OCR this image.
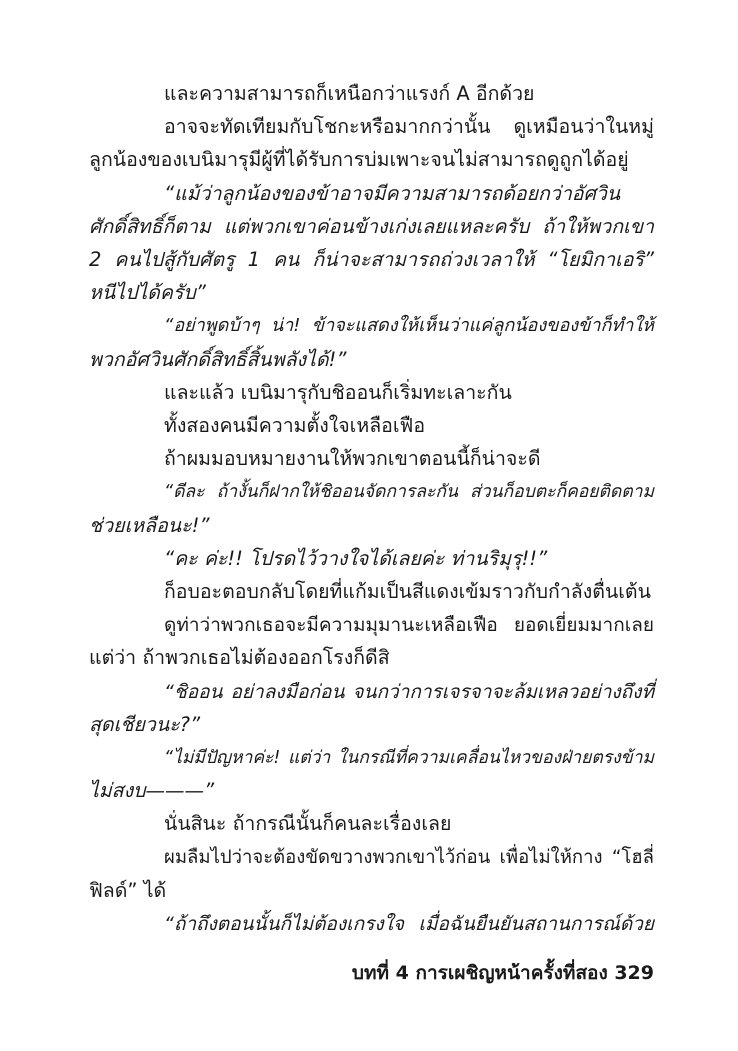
และความสามารถก็เหนือกว่าแรงก์ A อีกด้วย
อาจจะทัดเทียมกับโชกะหรือมากกว่านั้น ดูเหมือนว่าในหมู่
ลูกน้องของเบนิมารุมีผู้ที่ได้รับการบ่มเพาะจนไม่สามารถดูถูกได้อยู่
“แม้ว่าลูกน้องของข้าอาจมีความสามารถด้อยกว่าอัศวิน
ศักดิ์สิทธิ์ก็ตาม แต่พวกเขาค่อนข้างเก่งเลยแหละครับ ถ้าให้พวกเขา
2 คนไปสู้กับศัตรู 1 คน ก็น่าจะสามารถถ่วงเวลาให้ “โยมิกาเอริ”
หนีไปได้ครับ”
“อย่าพูดบ้าๆ น่า! ข้าจะแสดงให้เห็นว่าแค่ลูกน้องของข้าก็ทำให้
พวกอัศวินศักดิ์สิทธิ์สิ้นพลังได้!”
และแล้ว เบนิมารุกับชิออนก็เริ่มทะเลาะกัน
ทั้งสองคนมีความตั้งใจเหลือเฟือ
ถ้าผมมอบหมายงานให้พวกเขาตอนนี้ก็น่าจะดี
“ดีละ ถ้างั้นก็ฝากให้ชิออนจัดการละกัน ส่วนก็อบตะก็คอยติดตาม
ช่วยเหลือนะ!”
“คะ ค่ะ!! โปรดไว้วางใจได้เลยค่ะ ท่านริมุรุ!!”
ก็อบอะตอบกลับโดยที่แก้มเป็นสีแดงเข้มราวกับกำลังตื่นเต้น
ดูท่าว่าพวกเธอจะมีความมุมานะเหลือเฟือ ยอดเยี่ยมมากเลย
แต่ว่า ถ้าพวกเธอไม่ต้องออกโรงก็ดีสิ
“ชิออน อย่าลงมือก่อน จนกว่าการเจรจาจะล้มเหลวอย่างถึงที่
สุดเชียวนะ?”
“ไม่มีปัญหาค่ะ! แต่ว่า ในกรณีที่ความเคลื่อนไหวของฝ่ายตรงข้าม
ไม่สงบ———”
นั่นสินะ ถ้ากรณีนั้นก็คนละเรื่องเลย
ผมลืมไปว่าจะต้องขัดขวางพวกเขาไว้ก่อน เพื่อไม่ให้กาง “โฮลี่
ฟิลด์” ได้
“ถ้าถึงตอนนั้นก็ไม่ต้องเกรงใจ เมื่อฉันยืนยันสถานการณ์ด้วย
บทที่ 4 การเผชิญหน้าครั้งที่สอง 329
